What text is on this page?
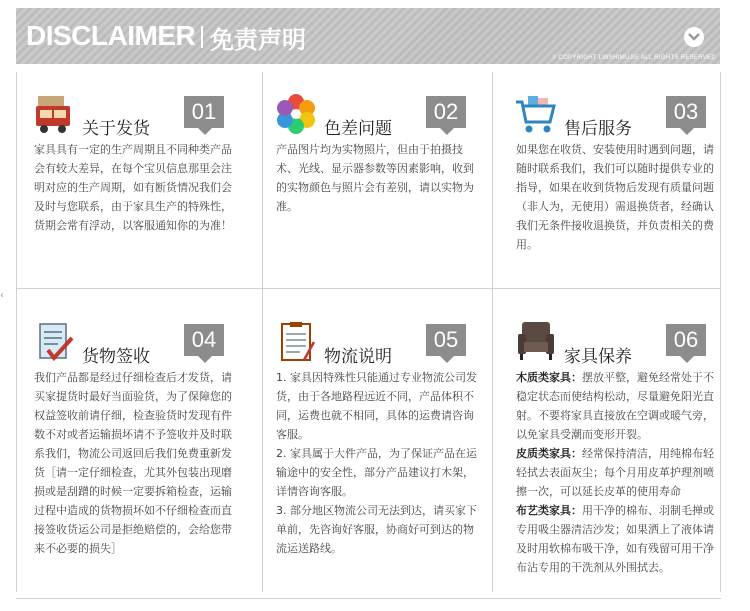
DISCLAIMER 免责声明
// COPYRIGHT LINSHIMUJIE ALL RIGHTS RESERVED
‹
关于发货
01
家具具有一定的生产周期且不同种类产品会有较大差异，在每个宝贝信息那里会注明对应的生产周期，如有断货情况我们会及时与您联系，由于家具生产的特殊性，货期会常有浮动，以客服通知你的为准！
色差问题
02
产品图片均为实物照片，但由于拍摄技术、光线、显示器参数等因素影响，收到的实物颜色与照片会有差别，请以实物为准。
售后服务
03
如果您在收货、安装使用时遇到问题，请随时联系我们，我们可以随时提供专业的指导，如果在收到货物后发现有质量问题（非人为，无使用）需退换货者，经确认我们无条件接收退换货，并负责相关的费用。
货物签收
04
我们产品都是经过仔细检查后才发货，请买家提货时最好当面验货，为了保障您的权益签收前请仔细，检查验货时发现有件数不对或者运输损坏请不予签收并及时联系我们，物流公司返回后我们免费重新发货［请一定仔细检查，尤其外包装出现磨损或是刮蹭的时候一定要拆箱检查，运输过程中造成的货物损坏如不仔细检查而直接签收货运公司是拒绝赔偿的，会给您带来不必要的损失］
物流说明
05

1. 家具因特殊性只能通过专业物流公司发货，由于各地路程远近不同，产品体积不同，运费也就不相同，具体的运费请咨询客服。

2. 家具属于大件产品，为了保证产品在运输途中的安全性，部分产品建议打木架，详情咨询客服。

3. 部分地区物流公司无法到达，请买家下单前，先咨询好客服，协商好可到达的物流运送路线。

家具保养
06

木质类家具：摆放平整，避免经常处于不稳定状态而使结构松动，尽量避免阳光直射。不要将家具直接放在空调或暖气旁，以免家具受潮而变形开裂。

皮质类家具：经常保持清洁，用纯棉布轻轻拭去表面灰尘；每个月用皮革护理剂喷擦一次，可以延长皮革的使用寿命

布艺类家具：用干净的棉布、羽制毛掸或专用吸尘器清洁沙发；如果洒上了液体请及时用软棉布吸干净，如有残留可用干净布沾专用的干洗剂从外围拭去。
